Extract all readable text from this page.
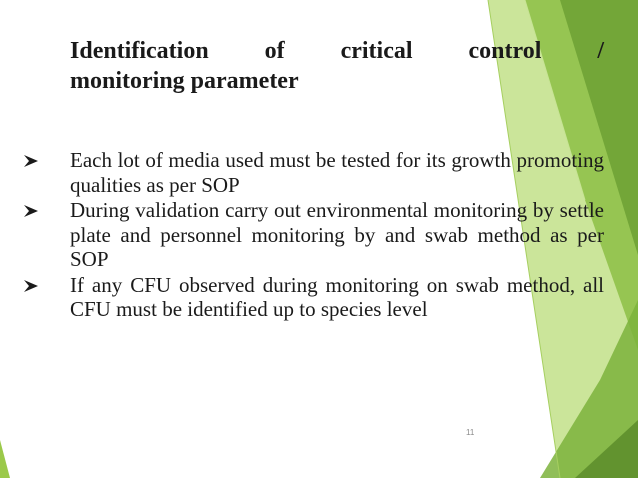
Identification of critical control /
monitoring parameter
Each lot of media used must be tested for its growth promoting qualities as per SOP
During validation carry out environmental monitoring by settle plate and personnel monitoring by and swab method as per SOP
If any CFU observed during monitoring on swab method, all CFU must be identified up to species level
11
